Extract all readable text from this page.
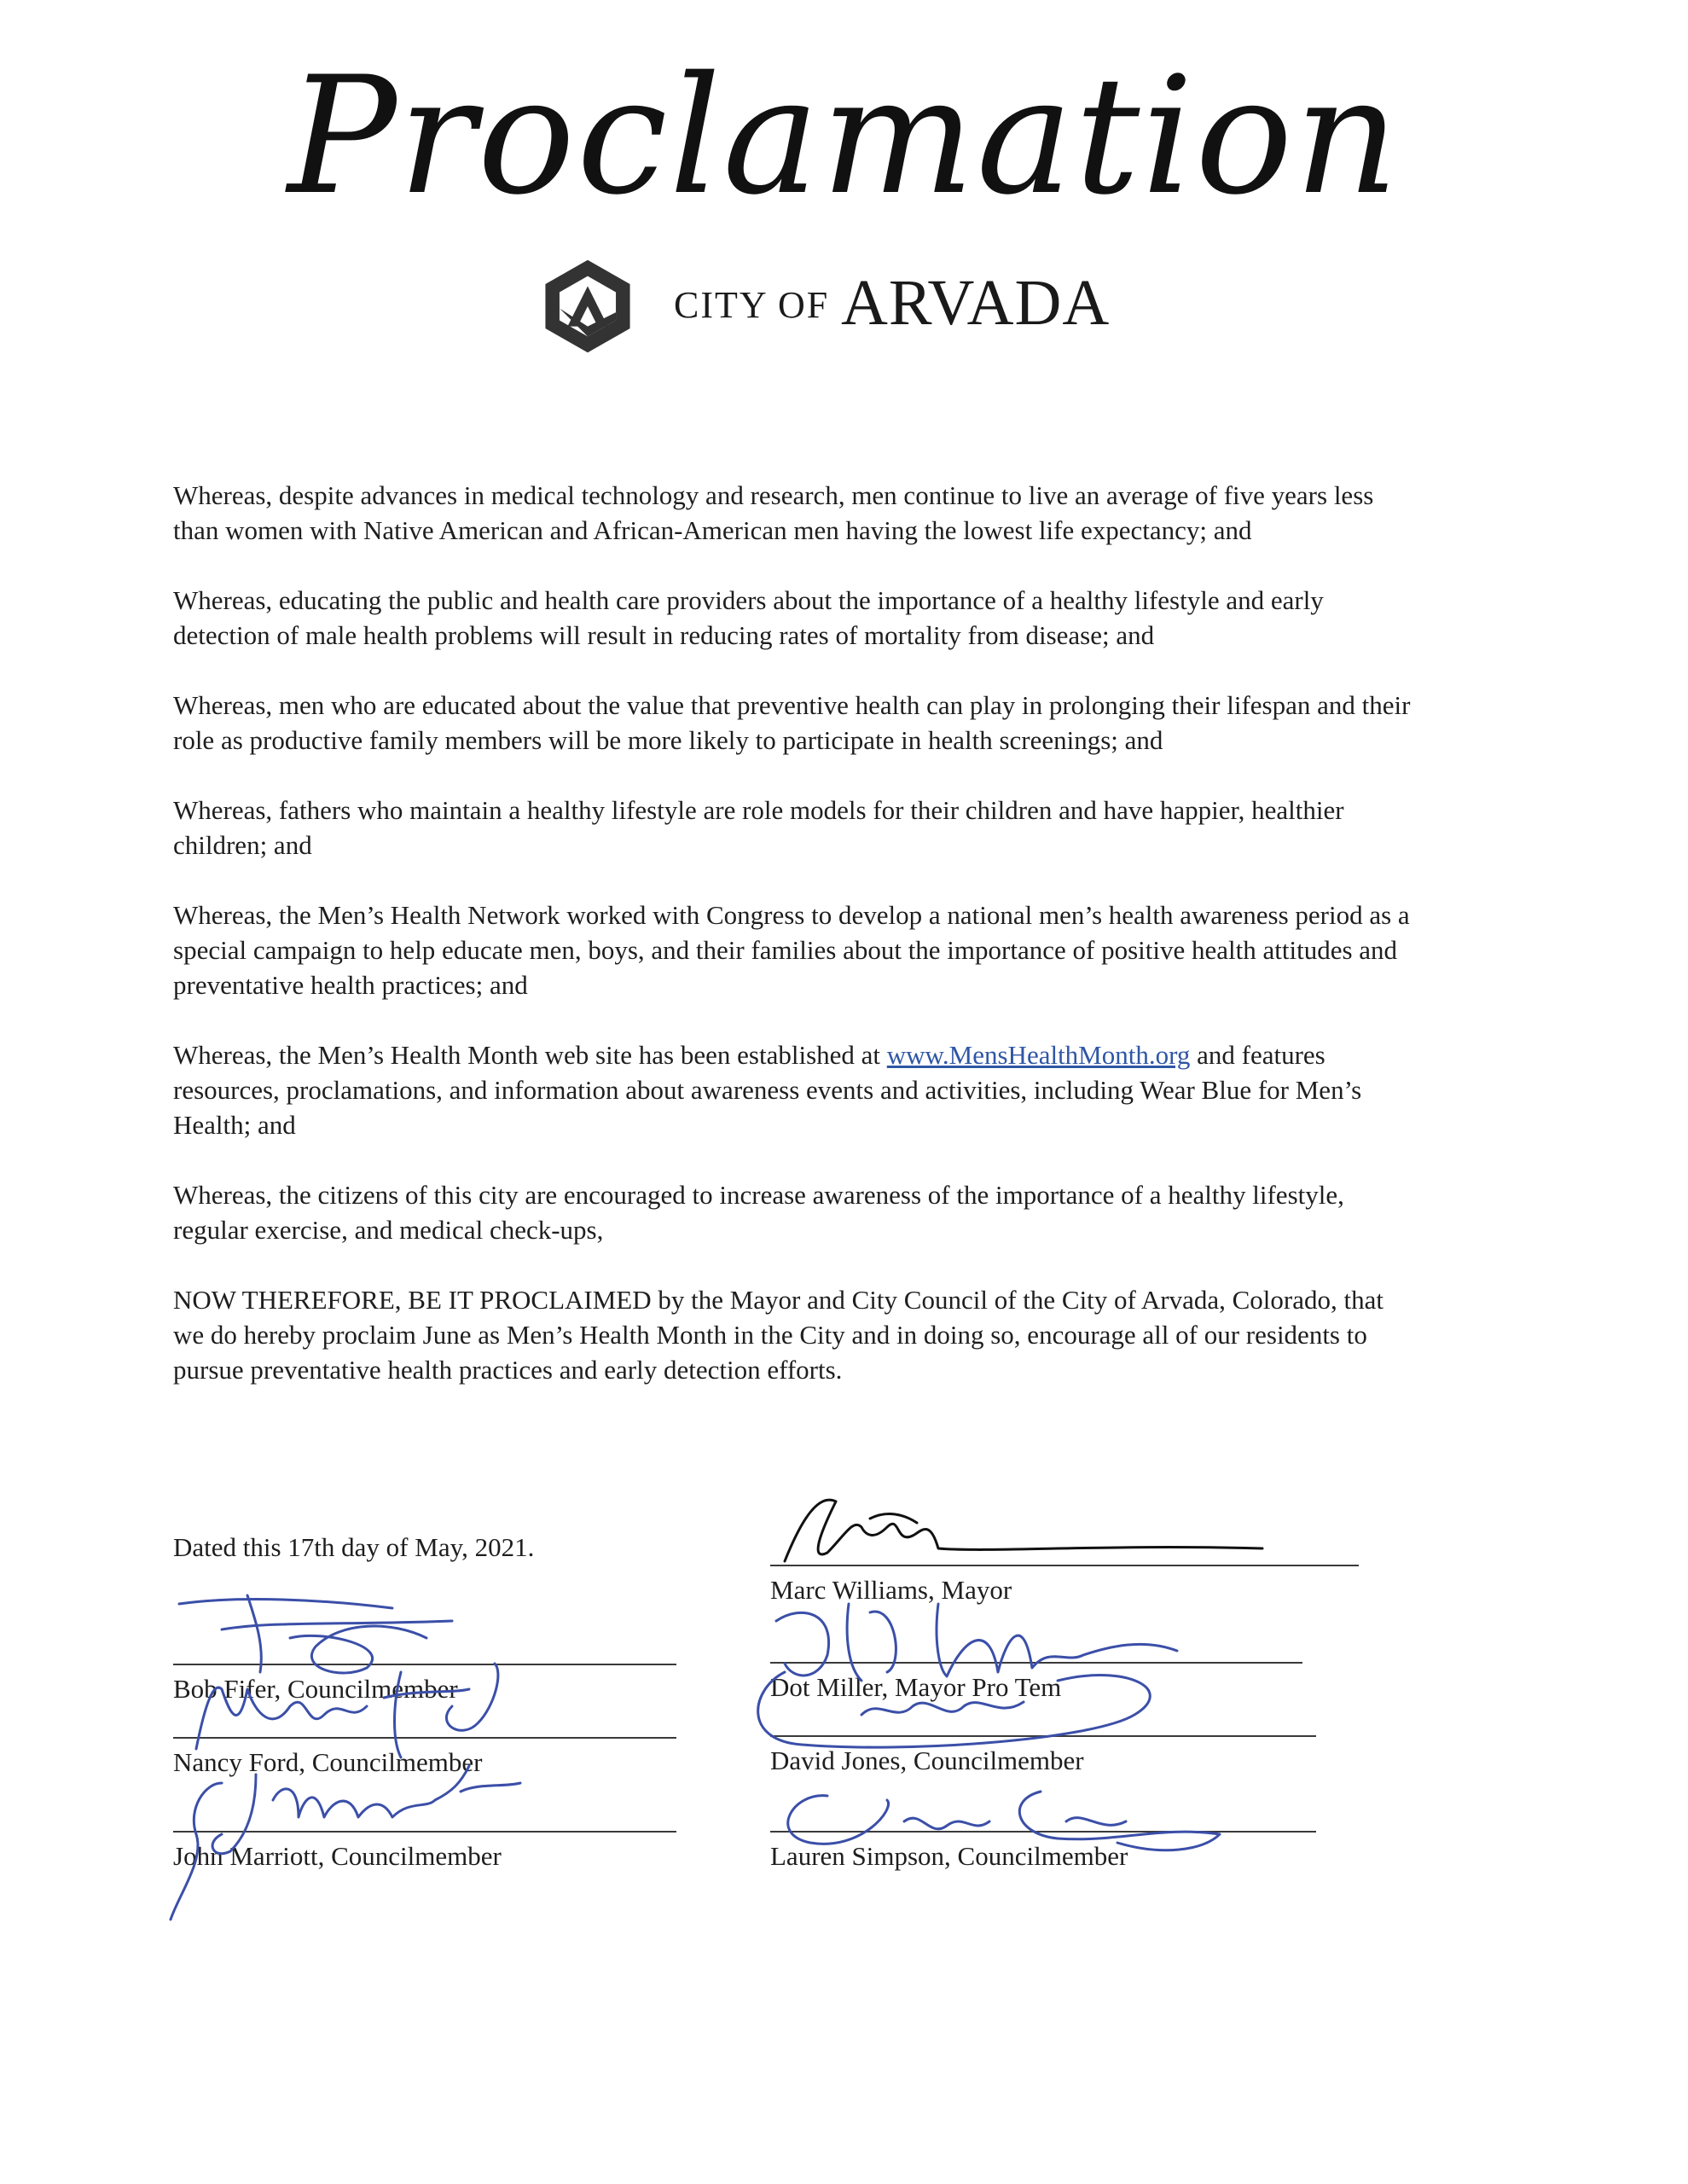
Proclamation
CITY OF ARVADA

Whereas, despite advances in medical technology and research, men continue to live an average of five years less than women with Native American and African-American men having the lowest life expectancy; and

Whereas, educating the public and health care providers about the importance of a healthy lifestyle and early detection of male health problems will result in reducing rates of mortality from disease; and

Whereas, men who are educated about the value that preventive health can play in prolonging their lifespan and their role as productive family members will be more likely to participate in health screenings; and

Whereas, fathers who maintain a healthy lifestyle are role models for their children and have happier, healthier children; and

Whereas, the Men’s Health Network worked with Congress to develop a national men’s health awareness period as a special campaign to help educate men, boys, and their families about the importance of positive health attitudes and preventative health practices; and

Whereas, the Men’s Health Month web site has been established at www.MensHealthMonth.org and features resources, proclamations, and information about awareness events and activities, including Wear Blue for Men’s Health; and

Whereas, the citizens of this city are encouraged to increase awareness of the importance of a healthy lifestyle, regular exercise, and medical check-ups,

NOW THEREFORE, BE IT PROCLAIMED by the Mayor and City Council of the City of Arvada, Colorado, that we do hereby proclaim June as Men’s Health Month in the City and in doing so, encourage all of our residents to pursue preventative health practices and early detection efforts.

Dated this 17th day of May, 2021.
Bob Fifer, Councilmember
Nancy Ford, Councilmember
John Marriott, Councilmember
Marc Williams, Mayor
Dot Miller, Mayor Pro Tem
David Jones, Councilmember
Lauren Simpson, Councilmember
